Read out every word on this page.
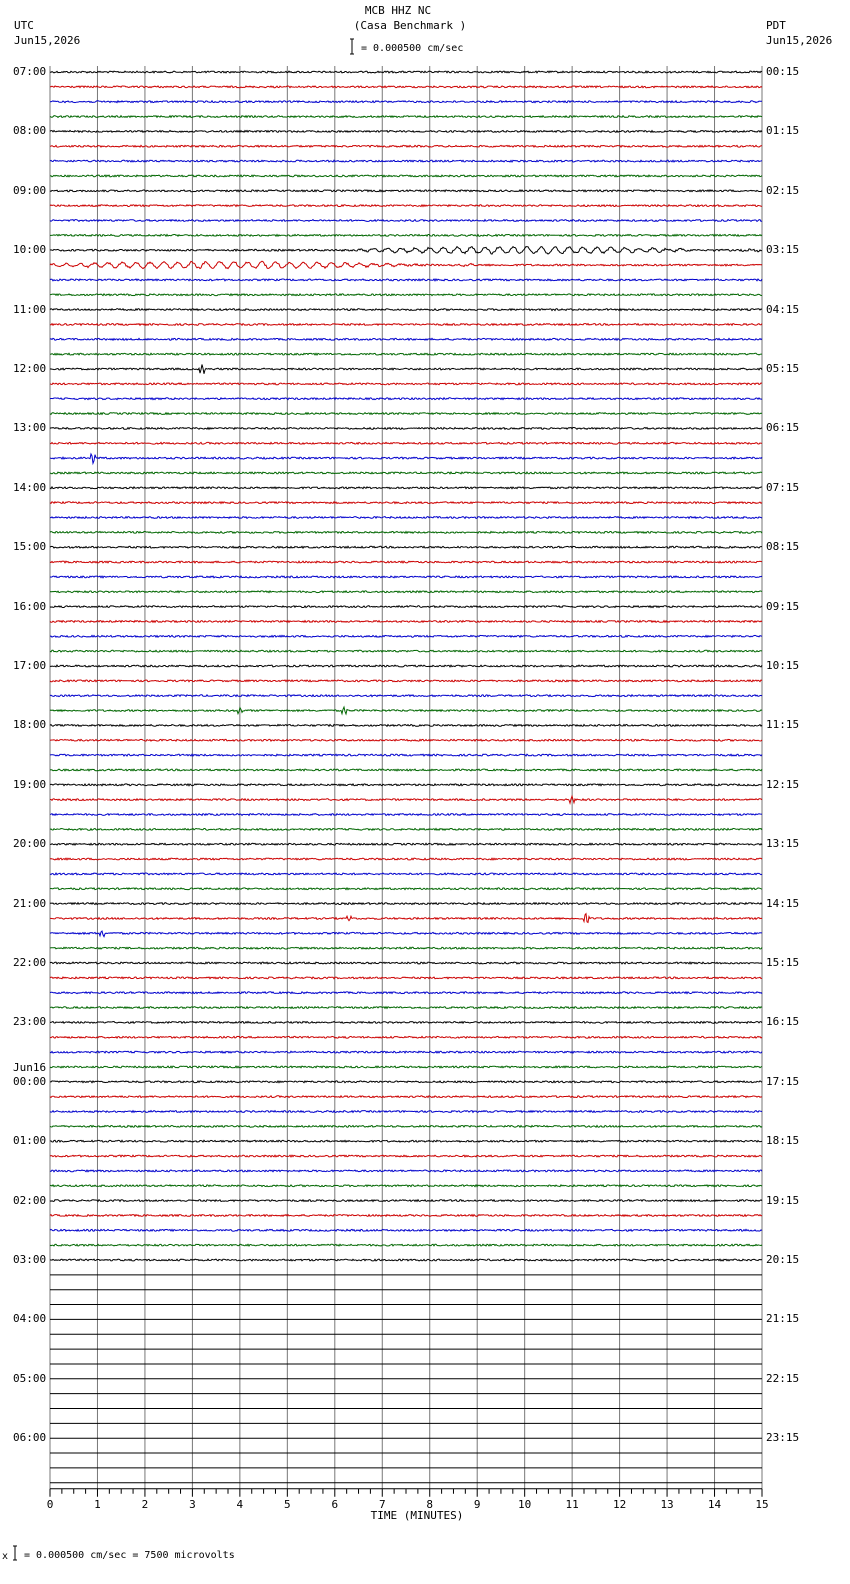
MCB HHZ NC
(Casa Benchmark )
UTC
Jun15,2026
PDT
Jun15,2026
= 0.000500 cm/sec
x = 0.000500 cm/sec = 7500 microvolts
TIME (MINUTES)
0	1	2	3	4	5	6	7	8	9	10	11	12	13	14	15
07:00
08:00
09:00
10:00
11:00
12:00
13:00
14:00
15:00
16:00
17:00
18:00
19:00
20:00
21:00
22:00
23:00
00:00
01:00
02:00
03:00
04:00
05:00
06:00
00:15
01:15
02:15
03:15
04:15
05:15
06:15
07:15
08:15
09:15
10:15
11:15
12:15
13:15
14:15
15:15
16:15
17:15
18:15
19:15
20:15
21:15
22:15
23:15
Jun16
